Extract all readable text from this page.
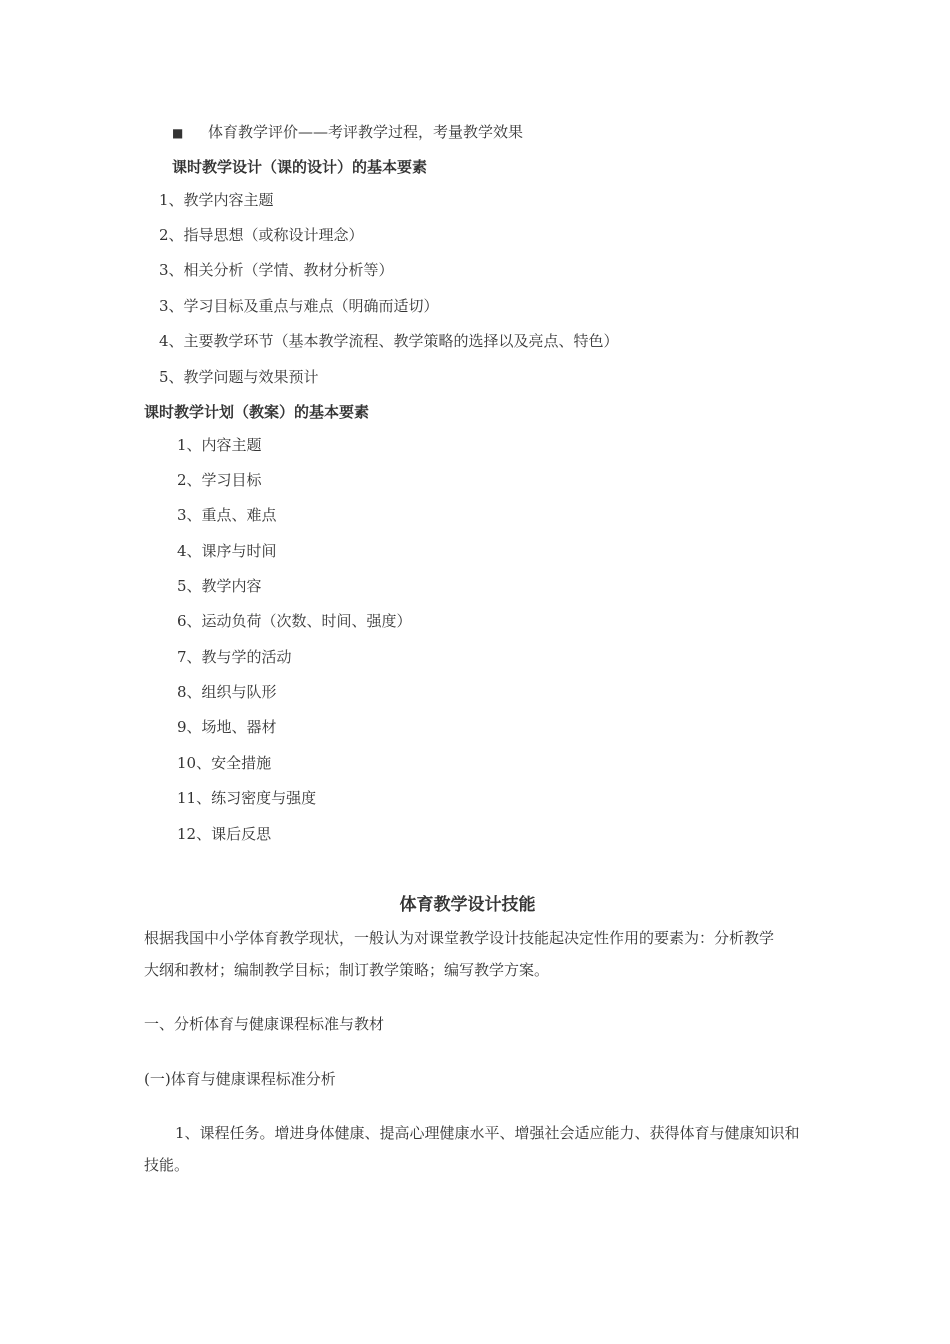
■ 体育教学评价——考评教学过程，考量教学效果
课时教学设计（课的设计）的基本要素
1、教学内容主题
2、指导思想（或称设计理念）
3、相关分析（学情、教材分析等）
3、学习目标及重点与难点（明确而适切）
4、主要教学环节（基本教学流程、教学策略的选择以及亮点、特色）
5、教学问题与效果预计
课时教学计划（教案）的基本要素
1、内容主题
2、学习目标
3、重点、难点
4、课序与时间
5、教学内容
6、运动负荷（次数、时间、强度）
7、教与学的活动
8、组织与队形
9、场地、器材
10、安全措施
11、练习密度与强度
12、课后反思
体育教学设计技能
根据我国中小学体育教学现状，一般认为对课堂教学设计技能起决定性作用的要素为：分析教学
大纲和教材；编制教学目标；制订教学策略；编写教学方案。
一、分析体育与健康课程标准与教材
(一)体育与健康课程标准分析
1、课程任务。增进身体健康、提高心理健康水平、增强社会适应能力、获得体育与健康知识和
技能。
